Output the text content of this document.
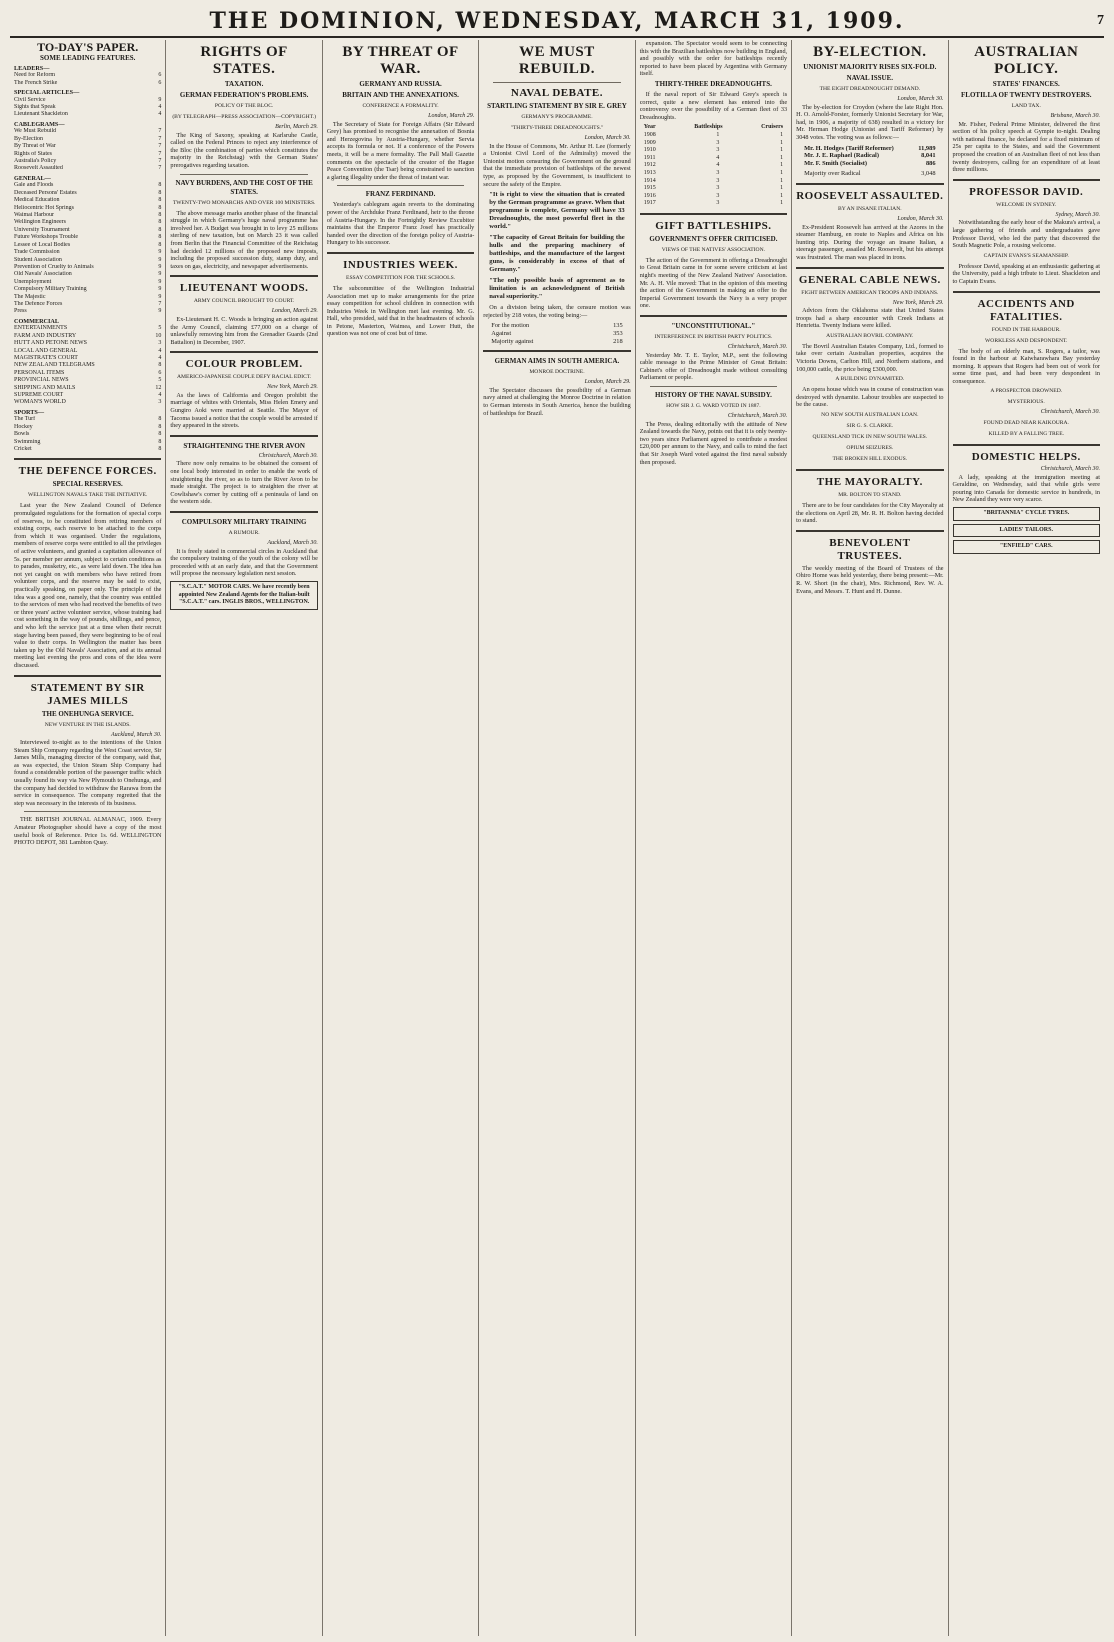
THE DOMINION, WEDNESDAY, MARCH 31, 1909.	7
TO-DAY'S PAPER.
SOME LEADING FEATURES.
LEADERS—
Need for Reform	6
The French Strike	6
SPECIAL ARTICLES—
Civil Service	9
Sights that Speak	4
Lieutenant Shackleton	4
CABLEGRAMS—
We Must Rebuild	7
By-Election	7
By Threat of War	7
Rights of States	7
Australia's Policy	7
Roosevelt Assaulted	7
GENERAL—
Gale and Floods	8
Deceased Persons' Estates	8
Medical Education	8
Heliocentric Hot Springs	8
Waimai Harbour	8
Wellington Engineers	8
University Tournament	8
Future Workshops Trouble	8
Lessee of Local Bodies	8
Trade Commission	9
Student Association	9
Prevention of Cruelty to Animals	9
Old Navals' Association	9
Unemployment	9
Compulsory Military Training	9
The Majestic	9
The Defence Forces	7
Press	9
COMMERCIAL
ENTERTAINMENTS	5
FARM AND INDUSTRY	10
HUTT AND PETONE NEWS	3
LOCAL AND GENERAL	4
MAGISTRATE'S COURT	4
NEW ZEALAND TELEGRAMS	8
PERSONAL ITEMS	6
PROVINCIAL NEWS	5
SHIPPING AND MAILS	12
SUPREME COURT	4
WOMAN'S WORLD	3
SPORTS—
The Turf	8
Hockey	8
Bowls	8
Swimming	8
Cricket	8
THE DEFENCE FORCES.
SPECIAL RESERVES.
WELLINGTON NAVALS TAKE THE INITIATIVE.

Last year the New Zealand Council of Defence promulgated regulations for the formation of special corps of reserves, to be constituted from retiring members of existing corps, each reserve to be attached to the corps from which it was organised. Under the regulations, members of reserve corps were entitled to all the privileges of active volunteers, and granted a capitation allowance of 5s. per member per annum, subject to certain conditions as to parades, musketry, etc., as were laid down. The idea has not yet caught on with members who have retired from volunteer corps, and the reserve may be said to exist, practically speaking, on paper only. The principle of the idea was a good one, namely, that the country was entitled to the services of men who had received the benefits of two or three years' active volunteer service, whose training had cost something in the way of pounds, shillings, and pence, and who left the service just at a time when their recruit stage having been passed, they were beginning to be of real value to their corps. In Wellington the matter has been taken up by the Old Navals' Association, and at its annual meeting last evening the pros and cons of the idea were discussed.

STATEMENT BY SIR JAMES MILLS
THE ONEHUNGA SERVICE.
NEW VENTURE IN THE ISLANDS.
Auckland, March 30.

Interviewed to-night as to the intentions of the Union Steam Ship Company regarding the West Coast service, Sir James Mills, managing director of the company, said that, as was expected, the Union Steam Ship Company had found a considerable portion of the passenger traffic which usually found its way via New Plymouth to Onehunga, and the company had decided to withdraw the Rarawa from the service in consequence. The company regretted that the step was necessary in the interests of its business.

THE BRITISH JOURNAL ALMANAC, 1909. Every Amateur Photographer should have a copy of the most useful book of Reference. Price 1s. 6d. WELLINGTON PHOTO DEPOT, 381 Lambton Quay.

RIGHTS OF STATES.
TAXATION.
GERMAN FEDERATION'S PROBLEMS.
POLICY OF THE BLOC.
(BY TELEGRAPH—PRESS ASSOCIATION—COPYRIGHT.)
Berlin, March 29.

The King of Saxony, speaking at Karlsruhe Castle, called on the Federal Princes to reject any interference of the Bloc (the combination of parties which constitutes the majority in the Reichstag) with the German States' prerogatives regarding taxation.

NAVY BURDENS, AND THE COST OF THE STATES.
TWENTY-TWO MONARCHS AND OVER 100 MINISTERS.

The above message marks another phase of the financial struggle in which Germany's huge naval programme has involved her. A Budget was brought in to levy 25 millions sterling of new taxation, but on March 23 it was called from Berlin that the Financial Committee of the Reichstag had decided 12 millions of the proposed new imposts, including the proposed succession duty, stamp duty, and taxes on gas, electricity, and newspaper advertisements.

LIEUTENANT WOODS.
ARMY COUNCIL BROUGHT TO COURT.
London, March 29.

Ex-Lieutenant H. C. Woods is bringing an action against the Army Council, claiming £77,000 on a charge of unlawfully removing him from the Grenadier Guards (2nd Battalion) in December, 1907.

COLOUR PROBLEM.
AMERICO-JAPANESE COUPLE DEFY RACIAL EDICT.
New York, March 29.

As the laws of California and Oregon prohibit the marriage of whites with Orientals, Miss Helen Emery and Gungiro Aoki were married at Seattle. The Mayor of Tacoma issued a notice that the couple would be arrested if they appeared in the streets.

STRAIGHTENING THE RIVER AVON
Christchurch, March 30.

There now only remains to be obtained the consent of one local body interested in order to enable the work of straightening the river, so as to turn the River Avon to be made straight. The project is to straighten the river at Cowlishaw's corner by cutting off a peninsula of land on the western side.

COMPULSORY MILITARY TRAINING
A RUMOUR.
Auckland, March 30.

It is freely stated in commercial circles in Auckland that the compulsory training of the youth of the colony will be proceeded with at an early date, and that the Government will propose the necessary legislation next session.

"S.C.A.T." MOTOR CARS. We have recently been appointed New Zealand Agents for the Italian-built "S.C.A.T." cars. INGLIS BROS., WELLINGTON.
BY THREAT OF WAR.
GERMANY AND RUSSIA.
BRITAIN AND THE ANNEXATIONS.
CONFERENCE A FORMALITY.
London, March 29.

The Secretary of State for Foreign Affairs (Sir Edward Grey) has promised to recognise the annexation of Bosnia and Herzegovina by Austria-Hungary, whether Servia accepts its formula or not. If a conference of the Powers meets, it will be a mere formality. The Pall Mall Gazette comments on the spectacle of the creator of the Hague Peace Convention (the Tsar) being constrained to sanction a glaring illegality under the threat of instant war.

FRANZ FERDINAND.

Yesterday's cablegram again reverts to the dominating power of the Archduke Franz Ferdinand, heir to the throne of Austria-Hungary. In the Fortnightly Review Excubitor maintains that the Emperor Franz Josef has practically handed over the direction of the foreign policy of Austria-Hungary to his successor.

INDUSTRIES WEEK.
ESSAY COMPETITION FOR THE SCHOOLS.

The subcommittee of the Wellington Industrial Association met up to make arrangements for the prize essay competition for school children in connection with Industries Week in Wellington met last evening. Mr. G. Hall, who presided, said that in the headmasters of schools in Petone, Masterton, Waimea, and Lower Hutt, the question was not one of cost but of time.

WE MUST REBUILD.
NAVAL DEBATE.
STARTLING STATEMENT BY SIR E. GREY
GERMANY'S PROGRAMME.
"THIRTY-THREE DREADNOUGHTS."
London, March 30.

In the House of Commons, Mr. Arthur H. Lee (formerly a Unionist Civil Lord of the Admiralty) moved the Unionist motion censuring the Government on the ground that the immediate provision of battleships of the newest type, as proposed by the Government, is insufficient to secure the safety of the Empire.

"It is right to view the situation that is created by the German programme as grave. When that programme is complete, Germany will have 33 Dreadnoughts, the most powerful fleet in the world."

"The capacity of Great Britain for building the hulls and the preparing machinery of battleships, and the manufacture of the largest guns, is considerably in excess of that of Germany."

"The only possible basis of agreement as to limitation is an acknowledgment of British naval superiority."

On a division being taken, the censure motion was rejected by 218 votes, the voting being:—

For the motion	135
Against	353
Majority against	218
GERMAN AIMS IN SOUTH AMERICA.
MONROE DOCTRINE.
London, March 29.

The Spectator discusses the possibility of a German navy aimed at challenging the Monroe Doctrine in relation to German interests in South America, hence the building of battleships for Brazil.

expansion. The Spectator would seem to be connecting this with the Brazilian battleships now building in England, and possibly with the order for battleships recently reported to have been placed by Argentina with Germany itself.

THIRTY-THREE DREADNOUGHTS.

If the naval report of Sir Edward Grey's speech is correct, quite a new element has entered into the controversy over the possibility of a German fleet of 33 Dreadnoughts.

Year	Battleships	Cruisers
1908	1	1
1909	3	1
1910	3	1
1911	4	1
1912	4	1
1913	3	1
1914	3	1
1915	3	1
1916	3	1
1917	3	1
GIFT BATTLESHIPS.
GOVERNMENT'S OFFER CRITICISED.
VIEWS OF THE NATIVES' ASSOCIATION.

The action of the Government in offering a Dreadnought to Great Britain came in for some severe criticism at last night's meeting of the New Zealand Natives' Association. Mr. A. H. Vile moved: That in the opinion of this meeting the action of the Government in making an offer to the Imperial Government towards the Navy is a very proper one.

"UNCONSTITUTIONAL."
INTERFERENCE IN BRITISH PARTY POLITICS.
Christchurch, March 30.

Yesterday Mr. T. E. Taylor, M.P., sent the following cable message to the Prime Minister of Great Britain: Cabinet's offer of Dreadnought made without consulting Parliament or people.

HISTORY OF THE NAVAL SUBSIDY.
HOW SIR J. G. WARD VOTED IN 1887.
Christchurch, March 30.

The Press, dealing editorially with the attitude of New Zealand towards the Navy, points out that it is only twenty-two years since Parliament agreed to contribute a modest £20,000 per annum to the Navy, and calls to mind the fact that Sir Joseph Ward voted against the first naval subsidy then proposed.

BY-ELECTION.
UNIONIST MAJORITY RISES SIX-FOLD.
NAVAL ISSUE.
THE EIGHT DREADNOUGHT DEMAND.
London, March 30.

The by-election for Croydon (where the late Right Hon. H. O. Arnold-Forster, formerly Unionist Secretary for War, had, in 1906, a majority of 638) resulted in a victory for Mr. Herman Hodge (Unionist and Tariff Reformer) by 3048 votes. The voting was as follows:—

Mr. H. Hodges (Tariff Reformer)	11,989
Mr. J. E. Raphael (Radical)	8,041
Mr. F. Smith (Socialist)	886
Majority over Radical	3,048
ROOSEVELT ASSAULTED.
BY AN INSANE ITALIAN.
London, March 30.

Ex-President Roosevelt has arrived at the Azores in the steamer Hamburg, en route to Naples and Africa on his hunting trip. During the voyage an insane Italian, a steerage passenger, assailed Mr. Roosevelt, but his attempt was frustrated. The man was placed in irons.

GENERAL CABLE NEWS.
FIGHT BETWEEN AMERICAN TROOPS AND INDIANS.
New York, March 29.

Advices from the Oklahoma state that United States troops had a sharp encounter with Creek Indians at Henrietta. Twenty Indians were killed.

AUSTRALIAN BOVRIL COMPANY.

The Bovril Australian Estates Company, Ltd., formed to take over certain Australian properties, acquires the Victoria Downs, Carlton Hill, and Northern stations, and 100,000 cattle, the price being £300,000.

A BUILDING DYNAMITED.

An opera house which was in course of construction was destroyed with dynamite. Labour troubles are suspected to be the cause.

NO NEW SOUTH AUSTRALIAN LOAN.
SIR G. S. CLARKE.
QUEENSLAND TICK IN NEW SOUTH WALES.
OPIUM SEIZURES.
THE BROKEN HILL EXODUS.
THE MAYORALTY.
MR. BOLTON TO STAND.

There are to be four candidates for the City Mayoralty at the elections on April 28, Mr. R. H. Bolton having decided to stand.

BENEVOLENT TRUSTEES.

The weekly meeting of the Board of Trustees of the Ohiro Home was held yesterday, there being present:—Mr. R. W. Short (in the chair), Mrs. Richmond, Rev. W. A. Evans, and Messrs. T. Hunt and H. Dunne.

AUSTRALIAN POLICY.
STATES' FINANCES.
FLOTILLA OF TWENTY DESTROYERS.
LAND TAX.
Brisbane, March 30.

Mr. Fisher, Federal Prime Minister, delivered the first section of his policy speech at Gympie to-night. Dealing with national finance, he declared for a fixed minimum of 25s per capita to the States, and said the Government proposed the creation of an Australian fleet of not less than twenty destroyers, calling for an expenditure of at least three millions.

PROFESSOR DAVID.
WELCOME IN SYDNEY.
Sydney, March 30.

Notwithstanding the early hour of the Makura's arrival, a large gathering of friends and undergraduates gave Professor David, who led the party that discovered the South Magnetic Pole, a rousing welcome.

CAPTAIN EVANS'S SEAMANSHIP.

Professor David, speaking at an enthusiastic gathering at the University, paid a high tribute to Lieut. Shackleton and to Captain Evans.

ACCIDENTS AND FATALITIES.
FOUND IN THE HARBOUR.
WORKLESS AND DESPONDENT.

The body of an elderly man, S. Rogers, a tailor, was found in the harbour at Kaiwharawhara Bay yesterday morning. It appears that Rogers had been out of work for some time past, and had been very despondent in consequence.

A PROSPECTOR DROWNED.
MYSTERIOUS.
Christchurch, March 30.
FOUND DEAD NEAR KAIKOURA.
KILLED BY A FALLING TREE.
DOMESTIC HELPS.
Christchurch, March 30.

A lady, speaking at the immigration meeting at Geraldine, on Wednesday, said that while girls were pouring into Canada for domestic service in hundreds, in New Zealand they were very scarce.

"BRITANNIA" CYCLE TYRES.
LADIES' TAILORS.
"ENFIELD" CARS.
